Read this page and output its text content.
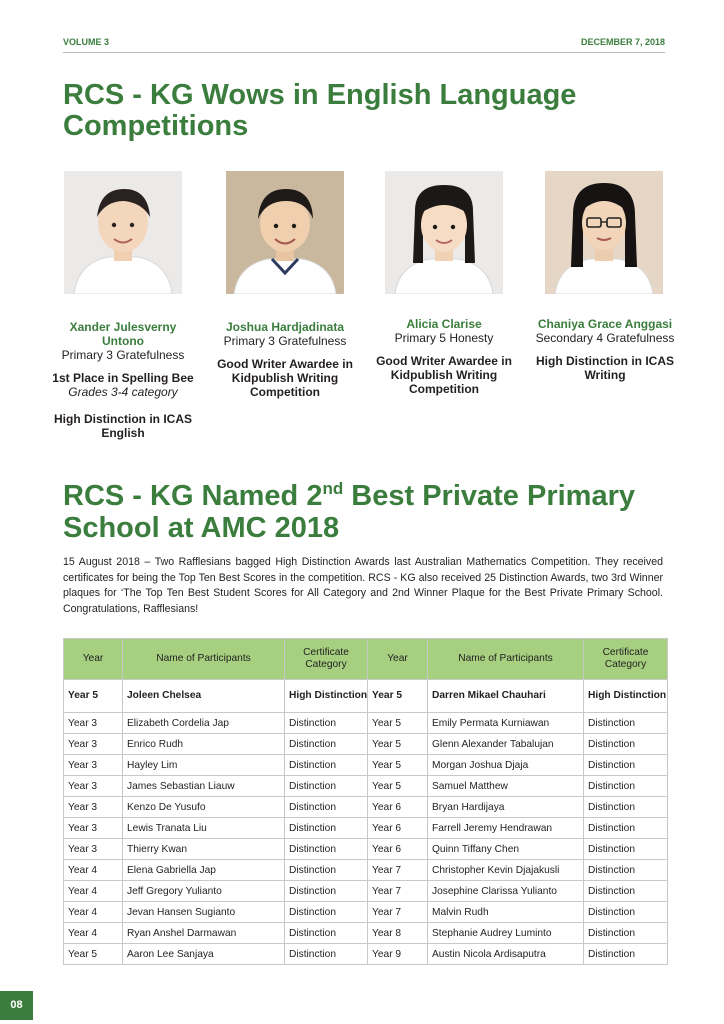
VOLUME 3	DECEMBER 7, 2018
RCS - KG Wows in English Language Competitions
Xander Julesverny Untono
Primary 3 Gratefulness
1st Place in Spelling Bee
Grades 3-4 category
High Distinction in ICAS English
Joshua Hardjadinata
Primary 3 Gratefulness
Good Writer Awardee in Kidpublish Writing Competition
Alicia Clarise
Primary 5 Honesty
Good Writer Awardee in Kidpublish Writing Competition
Chaniya Grace Anggasi
Secondary 4 Gratefulness
High Distinction in ICAS Writing
RCS - KG Named 2nd Best Private Primary School at AMC 2018

15 August 2018 – Two Rafflesians bagged High Distinction Awards last Australian Mathematics Competition. They received certificates for being the Top Ten Best Scores in the competition. RCS - KG also received 25 Distinction Awards, two 3rd Winner plaques for ‘The Top Ten Best Student Scores for All Category and 2nd Winner Plaque for the Best Private Primary School. Congratulations, Rafflesians!

Year	Name of Participants	Certificate Category	Year	Name of Participants	Certificate Category
Year 5	Joleen Chelsea	High Distinction	Year 5	Darren Mikael Chauhari	High Distinction
Year 3	Elizabeth Cordelia Jap	Distinction	Year 5	Emily Permata Kurniawan	Distinction
Year 3	Enrico Rudh	Distinction	Year 5	Glenn Alexander Tabalujan	Distinction
Year 3	Hayley Lim	Distinction	Year 5	Morgan Joshua Djaja	Distinction
Year 3	James Sebastian Liauw	Distinction	Year 5	Samuel Matthew	Distinction
Year 3	Kenzo De Yusufo	Distinction	Year 6	Bryan Hardijaya	Distinction
Year 3	Lewis Tranata Liu	Distinction	Year 6	Farrell Jeremy Hendrawan	Distinction
Year 3	Thierry Kwan	Distinction	Year 6	Quinn Tiffany Chen	Distinction
Year 4	Elena Gabriella Jap	Distinction	Year 7	Christopher Kevin Djajakusli	Distinction
Year 4	Jeff Gregory Yulianto	Distinction	Year 7	Josephine Clarissa Yulianto	Distinction
Year 4	Jevan Hansen Sugianto	Distinction	Year 7	Malvin Rudh	Distinction
Year 4	Ryan Anshel Darmawan	Distinction	Year 8	Stephanie Audrey Luminto	Distinction
Year 5	Aaron Lee Sanjaya	Distinction	Year 9	Austin Nicola Ardisaputra	Distinction
08
